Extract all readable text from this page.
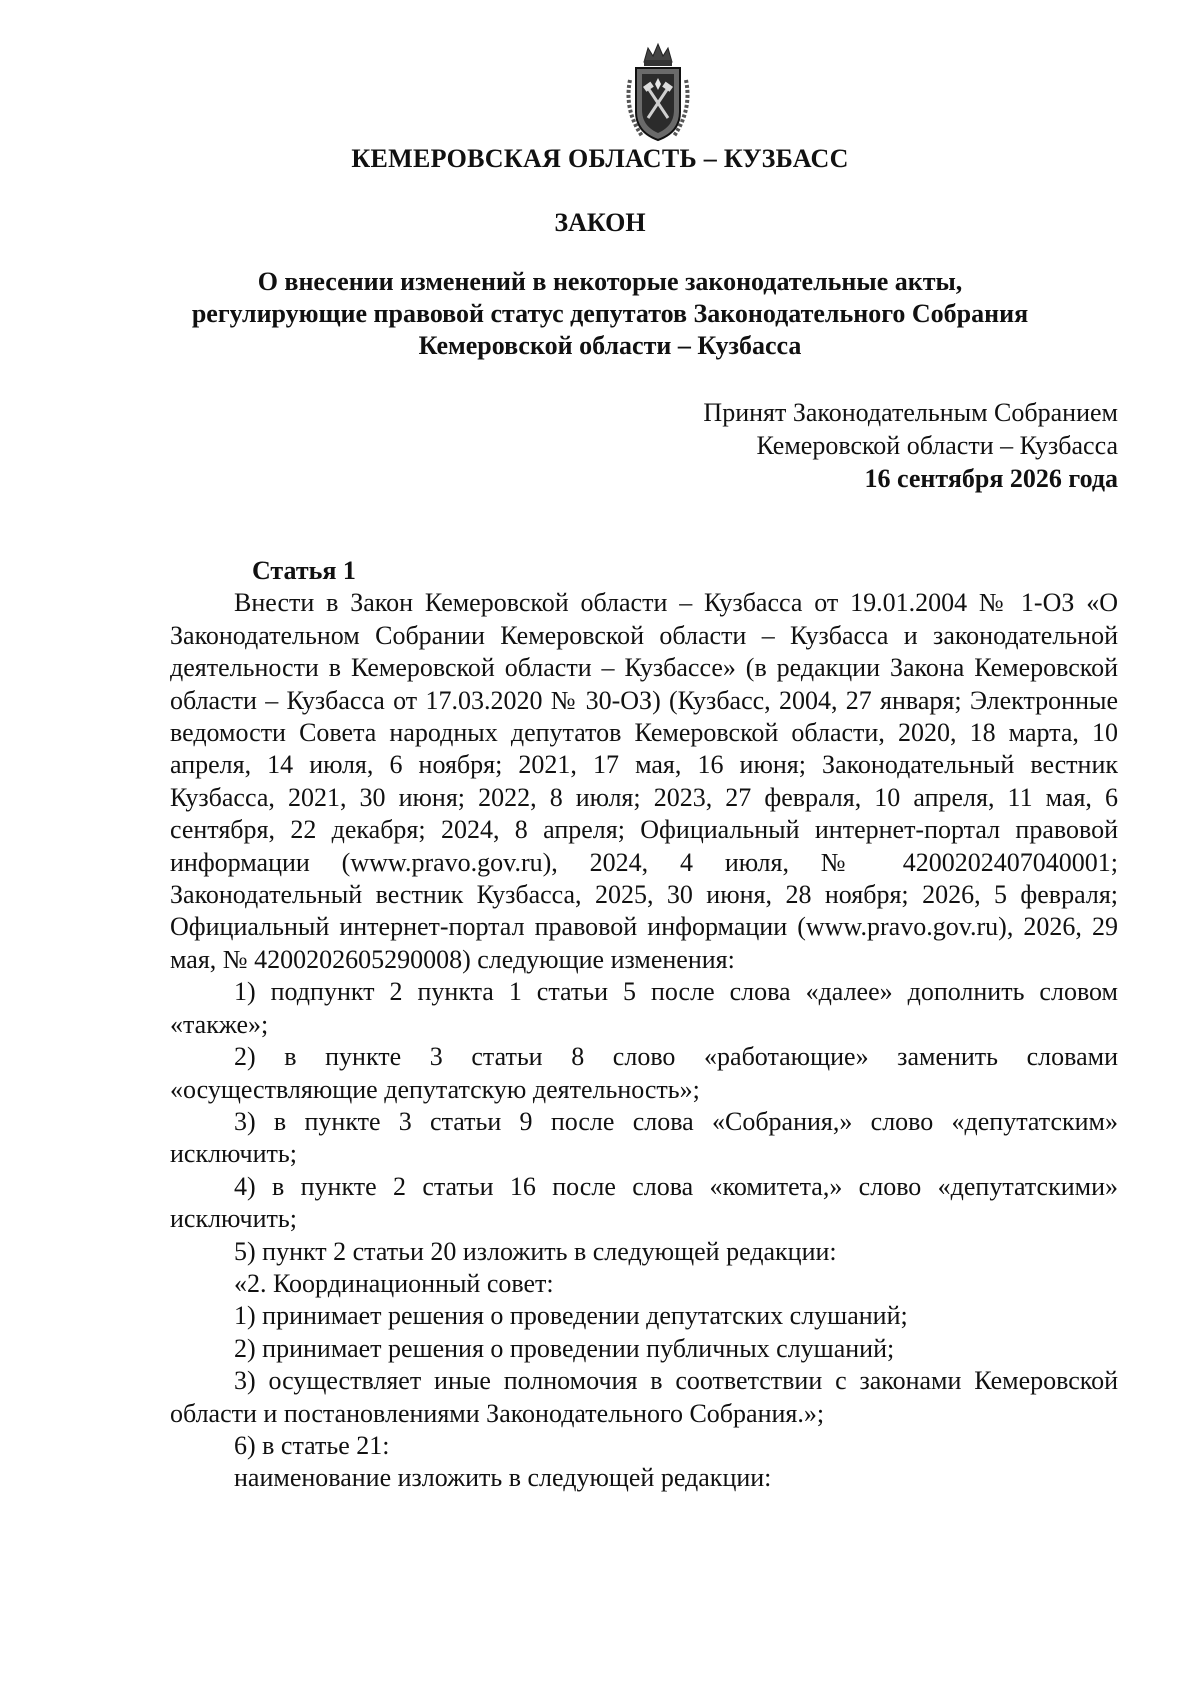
КЕМЕРОВСКАЯ ОБЛАСТЬ – КУЗБАСС
ЗАКОН
О внесении изменений в некоторые законодательные акты,
регулирующие правовой статус депутатов Законодательного Собрания
Кемеровской области – Кузбасса
Принят Законодательным Собранием
Кемеровской области – Кузбасса
16 сентября 2026 года

Статья 1

Внести в Закон Кемеровской области – Кузбасса от 19.01.2004 № 1-ОЗ «О Законодательном Собрании Кемеровской области – Кузбасса и законодательной деятельности в Кемеровской области – Кузбассе» (в редакции Закона Кемеровской области – Кузбасса от 17.03.2020 № 30-ОЗ) (Кузбасс, 2004, 27 января; Электронные ведомости Совета народных депутатов Кемеровской области, 2020, 18 марта, 10 апреля, 14 июля, 6 ноября; 2021, 17 мая, 16 июня; Законодательный вестник Кузбасса, 2021, 30 июня; 2022, 8 июля; 2023, 27 февраля, 10 апреля, 11 мая, 6 сентября, 22 декабря; 2024, 8 апреля; Официальный интернет-портал правовой информации (www.pravo.gov.ru), 2024, 4 июля, № 4200202407040001; Законодательный вестник Кузбасса, 2025, 30 июня, 28 ноября; 2026, 5 февраля; Официальный интернет-портал правовой информации (www.pravo.gov.ru), 2026, 29 мая, № 4200202605290008) следующие изменения:

1) подпункт 2 пункта 1 статьи 5 после слова «далее» дополнить словом «также»;

2) в пункте 3 статьи 8 слово «работающие» заменить словами «осуществляющие депутатскую деятельность»;

3) в пункте 3 статьи 9 после слова «Собрания,» слово «депутатским» исключить;

4) в пункте 2 статьи 16 после слова «комитета,» слово «депутатскими» исключить;

5) пункт 2 статьи 20 изложить в следующей редакции:

«2. Координационный совет:

1) принимает решения о проведении депутатских слушаний;

2) принимает решения о проведении публичных слушаний;

3) осуществляет иные полномочия в соответствии с законами Кемеровской области и постановлениями Законодательного Собрания.»;

6) в статье 21:

наименование изложить в следующей редакции:
